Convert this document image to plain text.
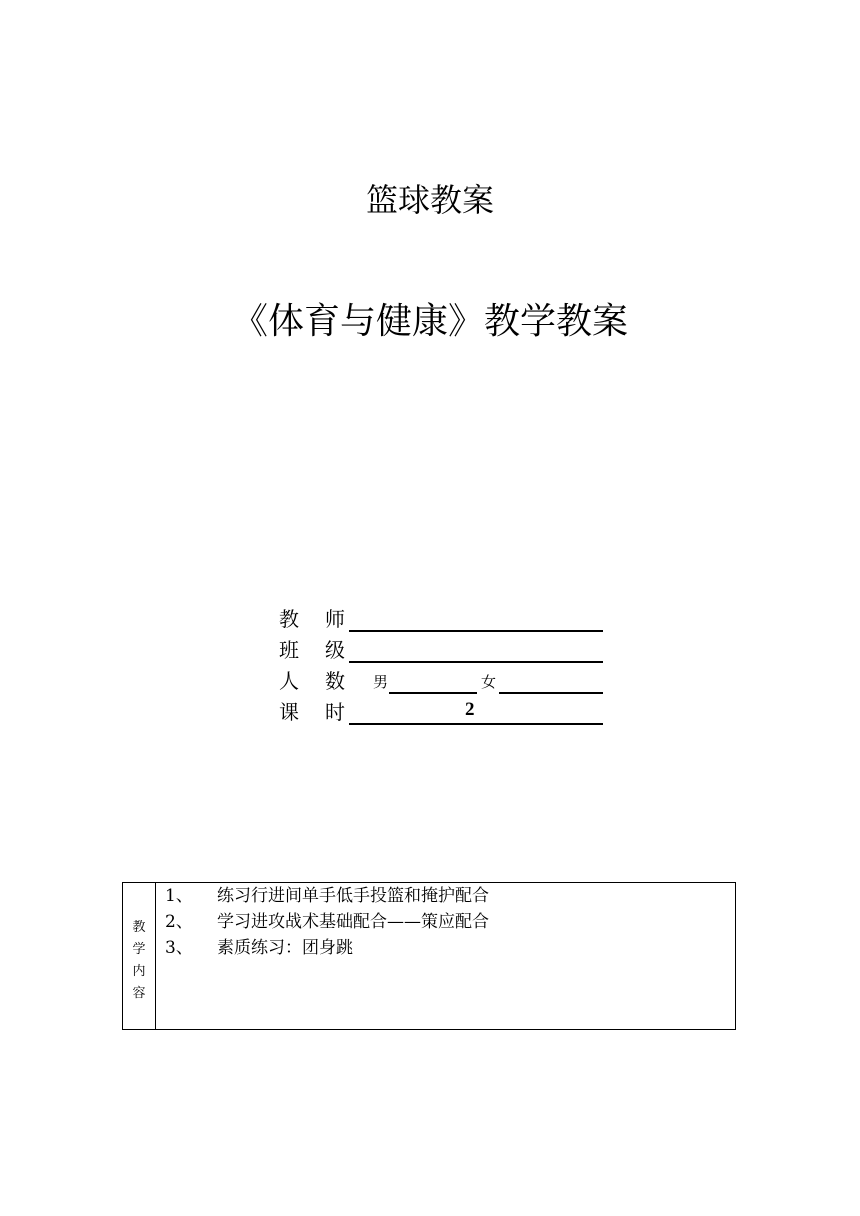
篮球教案
《体育与健康》教学教案
教 师
班 级
人 数 男	女
课 时	2
教
学
内
容
1、 练习行进间单手低手投篮和掩护配合
2、 学习进攻战术基础配合——策应配合
3、 素质练习：团身跳
